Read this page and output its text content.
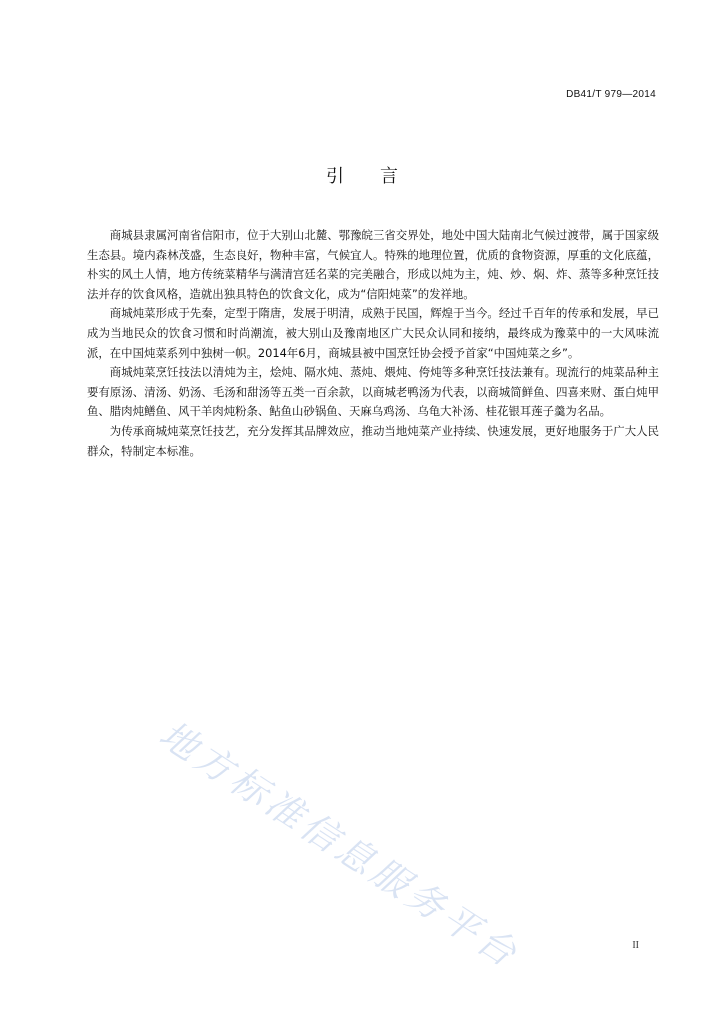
DB41/T 979—2014
引言

商城县隶属河南省信阳市，位于大别山北麓、鄂豫皖三省交界处，地处中国大陆南北气候过渡带，属于国家级生态县。境内森林茂盛，生态良好，物种丰富，气候宜人。特殊的地理位置，优质的食物资源，厚重的文化底蕴，朴实的风土人情，地方传统菜精华与满清宫廷名菜的完美融合，形成以炖为主，炖、炒、焖、炸、蒸等多种烹饪技法并存的饮食风格，造就出独具特色的饮食文化，成为“信阳炖菜”的发祥地。

商城炖菜形成于先秦，定型于隋唐，发展于明清，成熟于民国，辉煌于当今。经过千百年的传承和发展，早已成为当地民众的饮食习惯和时尚潮流，被大别山及豫南地区广大民众认同和接纳，最终成为豫菜中的一大风味流派，在中国炖菜系列中独树一帜。2014年6月，商城县被中国烹饪协会授予首家“中国炖菜之乡”。

商城炖菜烹饪技法以清炖为主，烩炖、隔水炖、蒸炖、煨炖、侉炖等多种烹饪技法兼有。现流行的炖菜品种主要有原汤、清汤、奶汤、毛汤和甜汤等五类一百余款，以商城老鸭汤为代表，以商城简鲜鱼、四喜来财、蛋白炖甲鱼、腊肉炖鳝鱼、风干羊肉炖粉条、鲇鱼山砂锅鱼、天麻乌鸡汤、乌龟大补汤、桂花银耳莲子羹为名品。

为传承商城炖菜烹饪技艺，充分发挥其品牌效应，推动当地炖菜产业持续、快速发展，更好地服务于广大人民群众，特制定本标准。

地方标准信息服务平台	II
